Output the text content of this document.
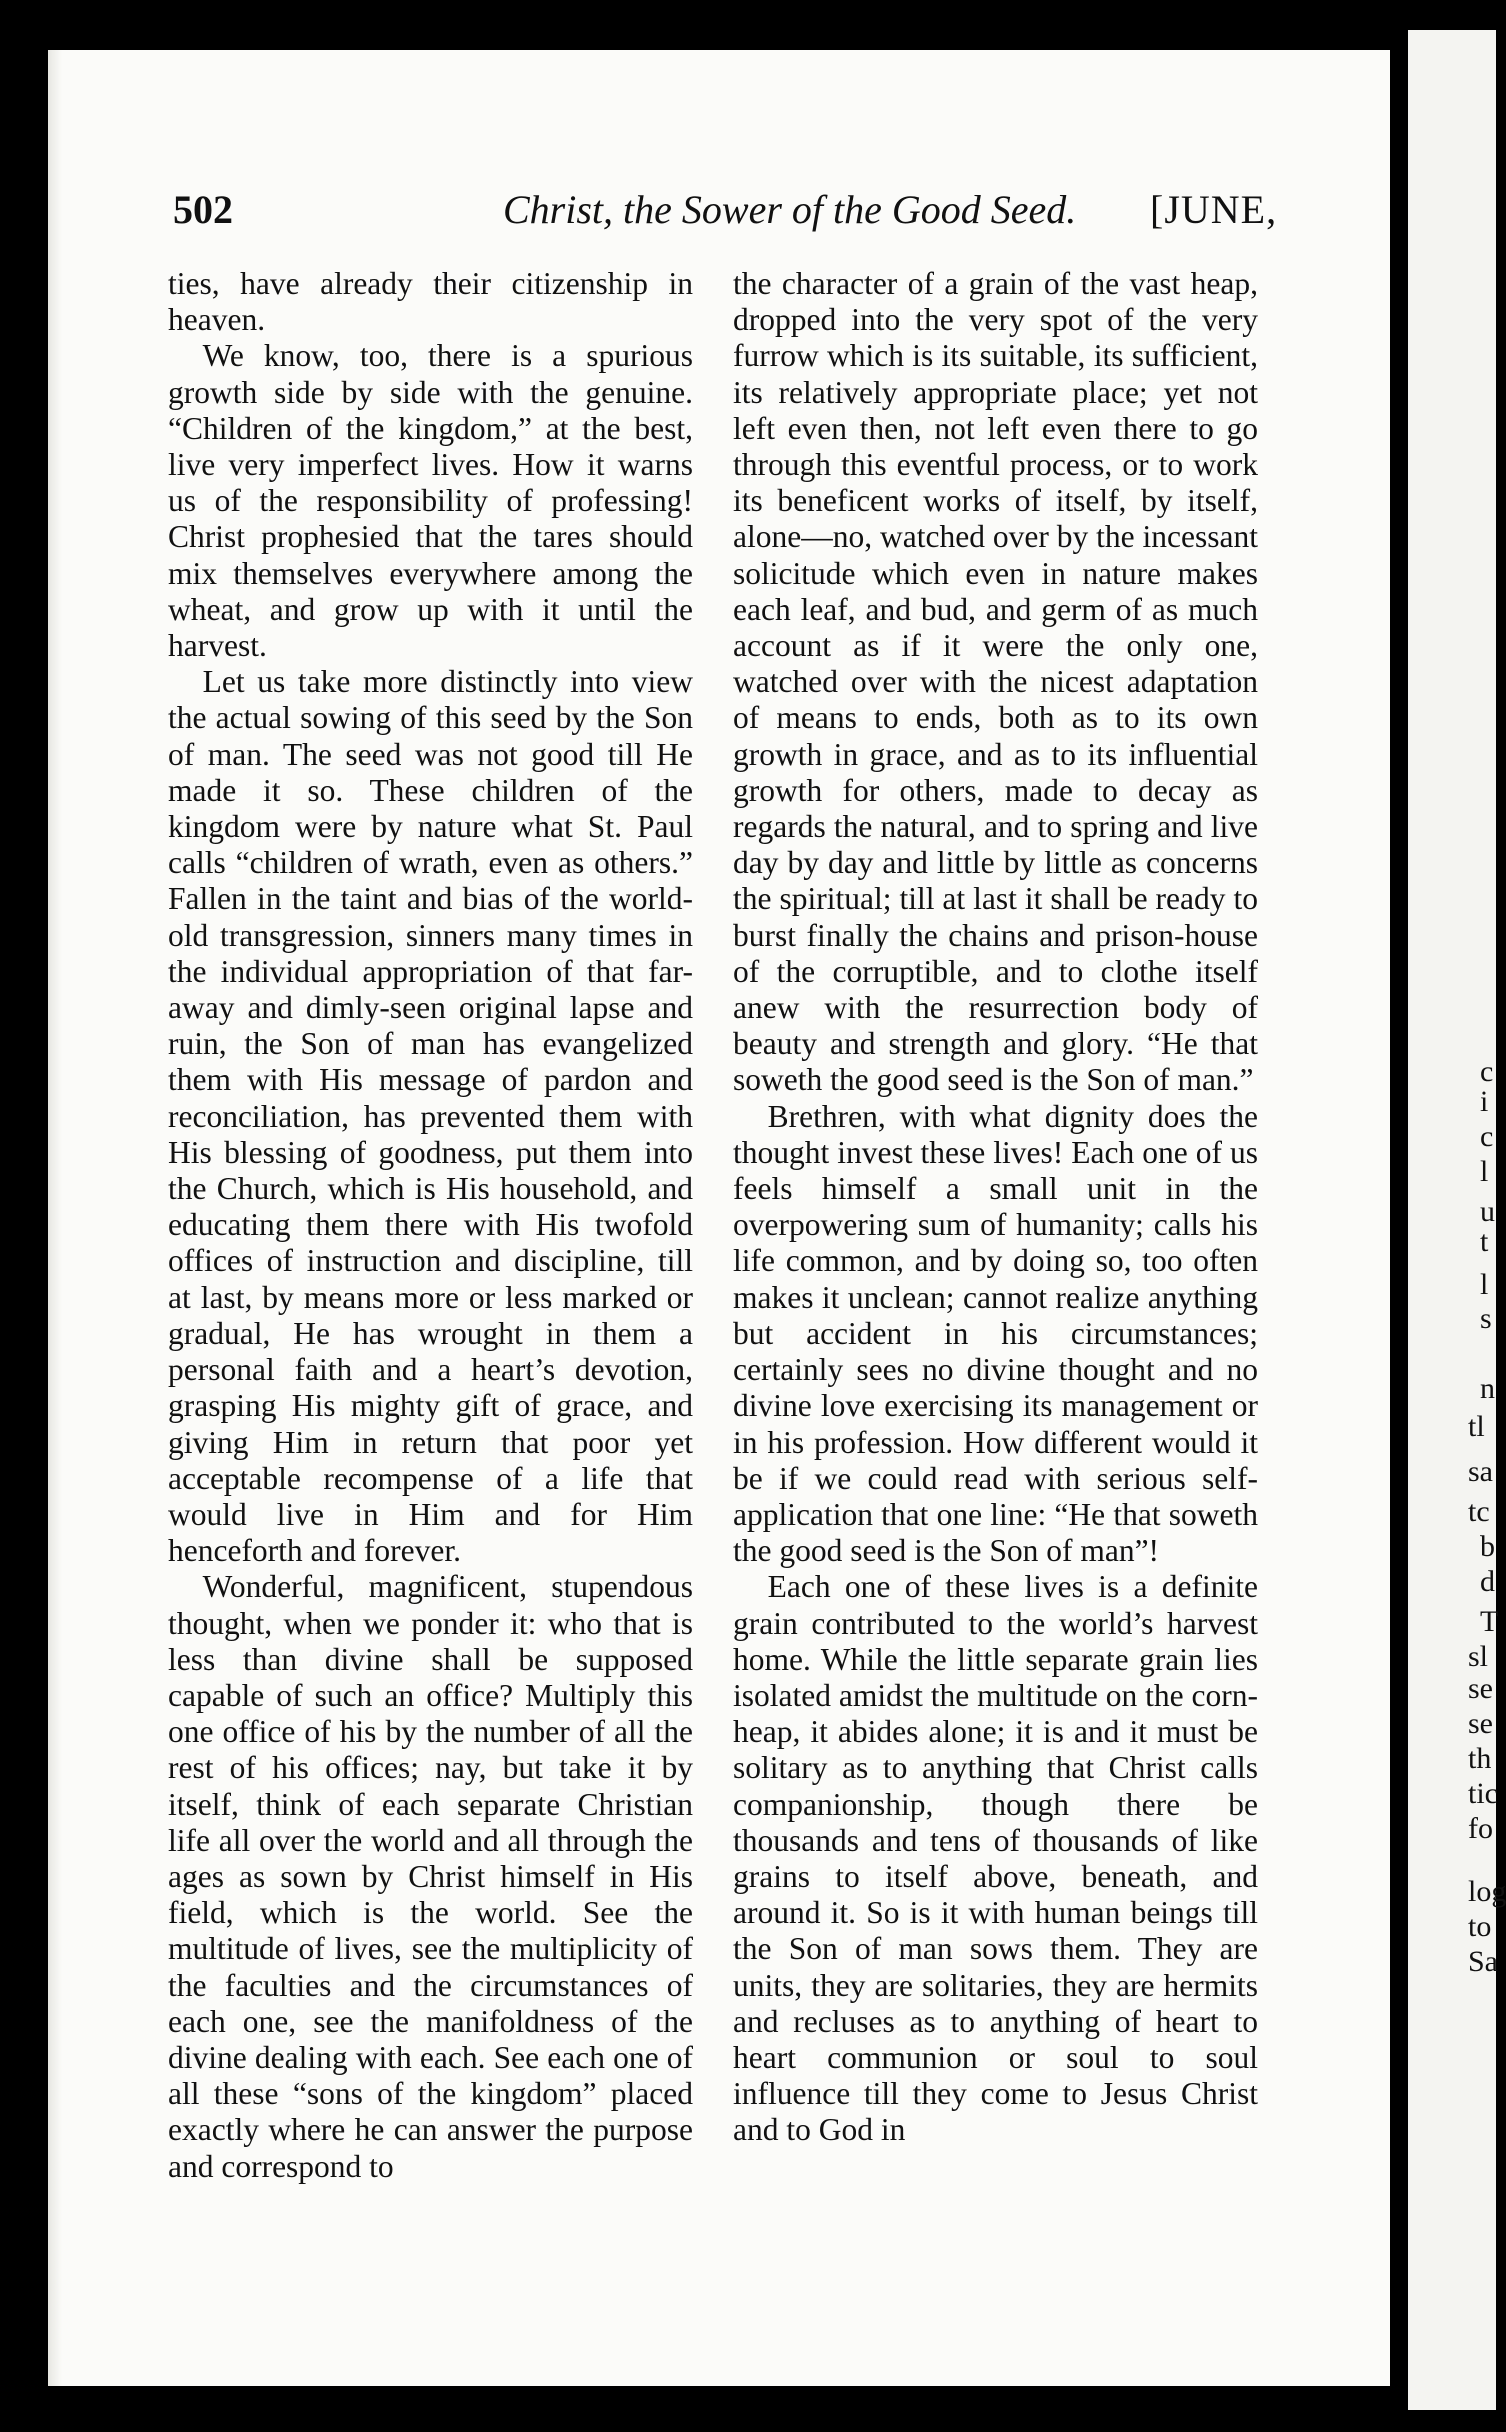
502	Christ, the Sower of the Good Seed. [JUNE,

ties, have already their citizenship in heaven.

We know, too, there is a spurious growth side by side with the genuine. “Children of the kingdom,” at the best, live very imperfect lives. How it warns us of the responsibility of professing! Christ prophesied that the tares should mix themselves everywhere among the wheat, and grow up with it until the harvest.

Let us take more distinctly into view the actual sowing of this seed by the Son of man. The seed was not good till He made it so. These children of the kingdom were by nature what St. Paul calls “children of wrath, even as others.” Fallen in the taint and bias of the world-old transgression, sinners many times in the individual appropriation of that far-away and dimly-seen original lapse and ruin, the Son of man has evangelized them with His message of pardon and reconciliation, has prevented them with His blessing of goodness, put them into the Church, which is His household, and educating them there with His twofold offices of instruction and discipline, till at last, by means more or less marked or gradual, He has wrought in them a personal faith and a heart’s devotion, grasping His mighty gift of grace, and giving Him in return that poor yet acceptable recompense of a life that would live in Him and for Him henceforth and forever.

Wonderful, magnificent, stupendous thought, when we ponder it: who that is less than divine shall be supposed capable of such an office? Multiply this one office of his by the number of all the rest of his offices; nay, but take it by itself, think of each separate Christian life all over the world and all through the ages as sown by Christ himself in His field, which is the world. See the multitude of lives, see the multiplicity of the faculties and the circumstances of each one, see the manifoldness of the divine dealing with each. See each one of all these “sons of the kingdom” placed exactly where he can answer the purpose and correspond to

the character of a grain of the vast heap, dropped into the very spot of the very furrow which is its suitable, its sufficient, its relatively appropriate place; yet not left even then, not left even there to go through this eventful process, or to work its beneficent works of itself, by itself, alone—no, watched over by the incessant solicitude which even in nature makes each leaf, and bud, and germ of as much account as if it were the only one, watched over with the nicest adaptation of means to ends, both as to its own growth in grace, and as to its influential growth for others, made to decay as regards the natural, and to spring and live day by day and little by little as concerns the spiritual; till at last it shall be ready to burst finally the chains and prison-house of the corruptible, and to clothe itself anew with the resurrection body of beauty and strength and glory. “He that soweth the good seed is the Son of man.”

Brethren, with what dignity does the thought invest these lives! Each one of us feels himself a small unit in the overpowering sum of humanity; calls his life common, and by doing so, too often makes it unclean; cannot realize anything but accident in his circumstances; certainly sees no divine thought and no divine love exercising its management or in his profession. How different would it be if we could read with serious self-application that one line: “He that soweth the good seed is the Son of man”!

Each one of these lives is a definite grain contributed to the world’s harvest home. While the little separate grain lies isolated amidst the multitude on the corn-heap, it abides alone; it is and it must be solitary as to anything that Christ calls companionship, though there be thousands and tens of thousands of like grains to itself above, beneath, and around it. So is it with human beings till the Son of man sows them. They are units, they are solitaries, they are hermits and recluses as to anything of heart to heart communion or soul to soul influence till they come to Jesus Christ and to God in

c
i
c
l
u
t
l
s
n
tl
sa
tc
b
d
T
sl
se
se
th
tic
fo
log
to
Sa
